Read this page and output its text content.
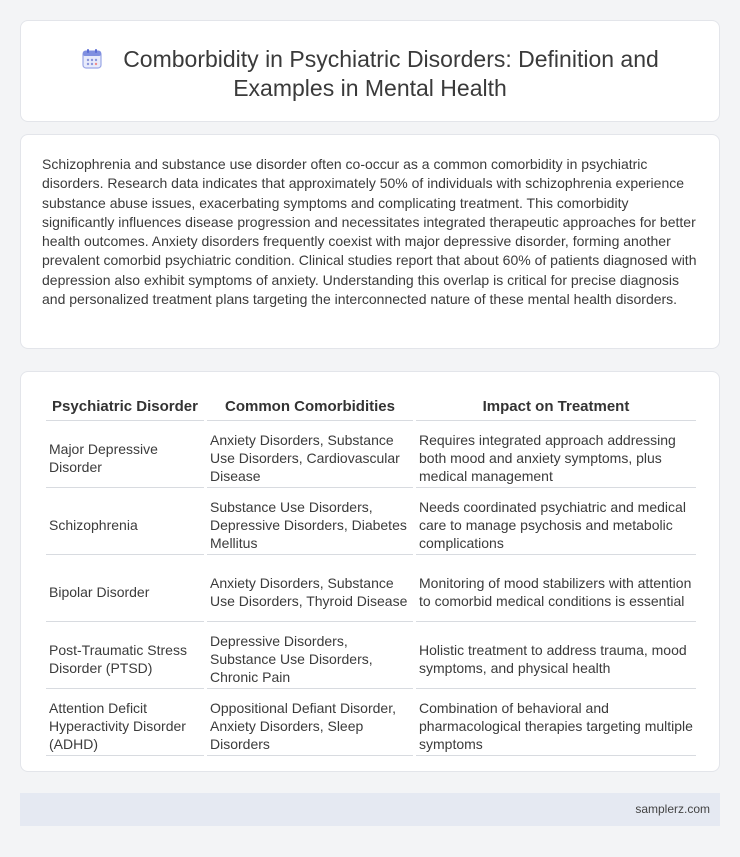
Comborbidity in Psychiatric Disorders: Definition and Examples in Mental Health

Schizophrenia and substance use disorder often co-occur as a common comorbidity in psychiatric disorders. Research data indicates that approximately 50% of individuals with schizophrenia experience substance abuse issues, exacerbating symptoms and complicating treatment. This comorbidity significantly influences disease progression and necessitates integrated therapeutic approaches for better health outcomes. Anxiety disorders frequently coexist with major depressive disorder, forming another prevalent comorbid psychiatric condition. Clinical studies report that about 60% of patients diagnosed with depression also exhibit symptoms of anxiety. Understanding this overlap is critical for precise diagnosis and personalized treatment plans targeting the interconnected nature of these mental health disorders.

Psychiatric Disorder	Common Comorbidities	Impact on Treatment
Major Depressive Disorder	Anxiety Disorders, Substance Use Disorders, Cardiovascular Disease	Requires integrated approach addressing both mood and anxiety symptoms, plus medical management
Schizophrenia	Substance Use Disorders, Depressive Disorders, Diabetes Mellitus	Needs coordinated psychiatric and medical care to manage psychosis and metabolic complications
Bipolar Disorder	Anxiety Disorders, Substance Use Disorders, Thyroid Disease	Monitoring of mood stabilizers with attention to comorbid medical conditions is essential
Post-Traumatic Stress Disorder (PTSD)	Depressive Disorders, Substance Use Disorders, Chronic Pain	Holistic treatment to address trauma, mood symptoms, and physical health
Attention Deficit Hyperactivity Disorder (ADHD)	Oppositional Defiant Disorder, Anxiety Disorders, Sleep Disorders	Combination of behavioral and pharmacological therapies targeting multiple symptoms
samplerz.com
